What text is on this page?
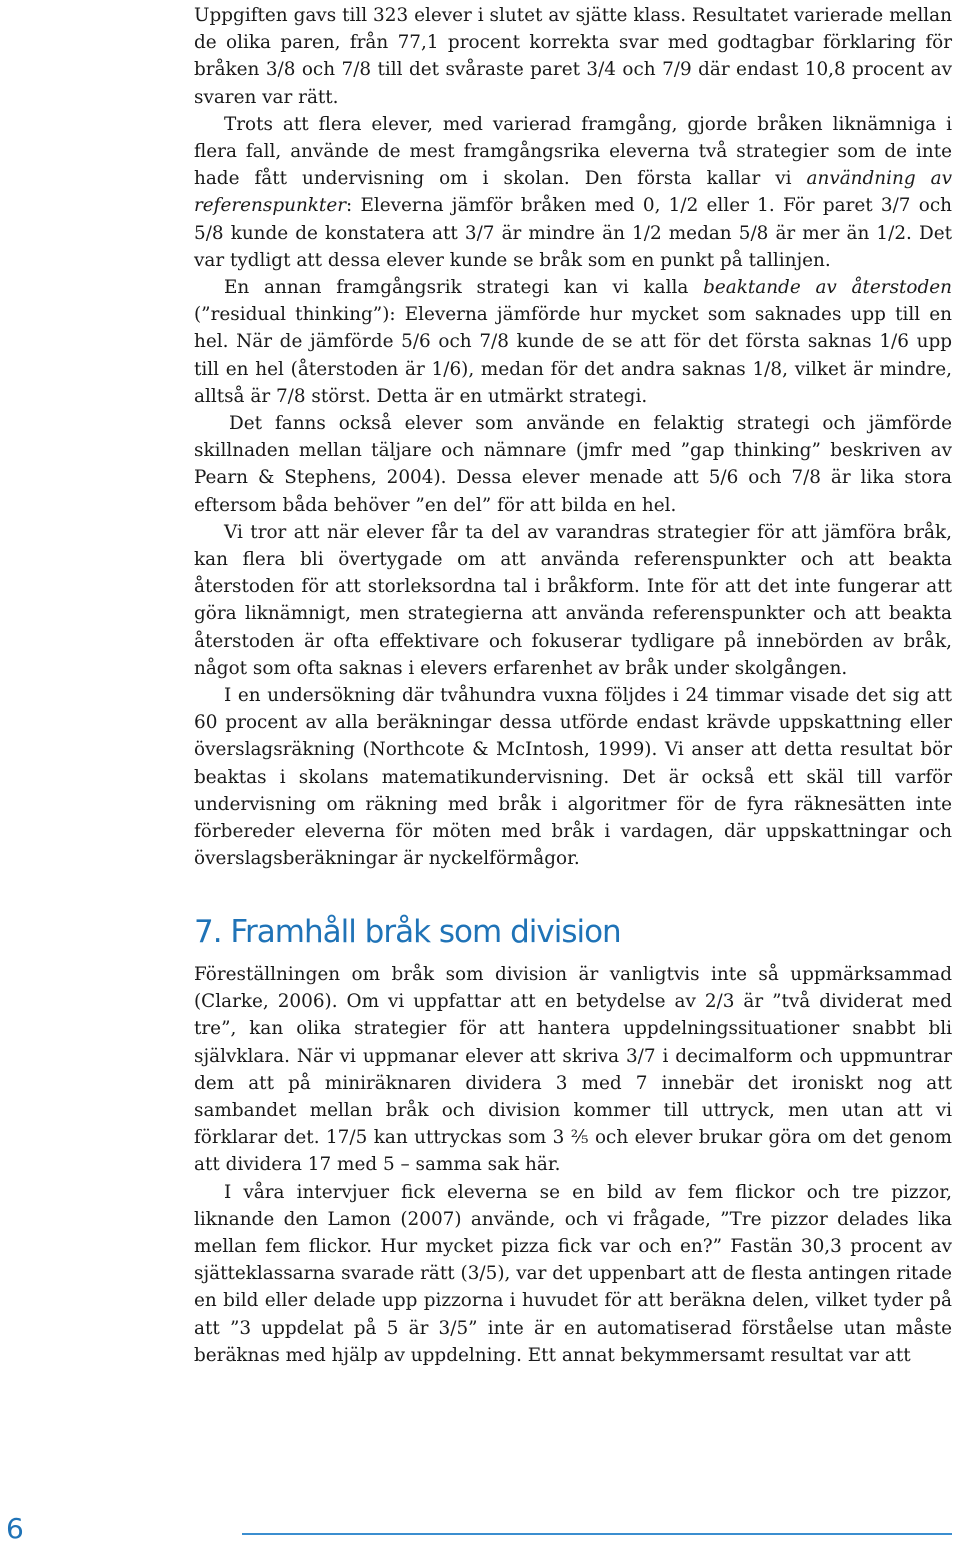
Uppgiften gavs till 323 elever i slutet av sjätte klass. Resultatet varierade mellan de olika paren, från 77,1 procent korrekta svar med godtagbar förklaring för bråken 3/8 och 7/8 till det svåraste paret 3/4 och 7/9 där endast 10,8 procent av svaren var rätt.

Trots att flera elever, med varierad framgång, gjorde bråken liknämniga i flera fall, använde de mest framgångsrika eleverna två strategier som de inte hade fått undervisning om i skolan. Den första kallar vi användning av referenspunkter: Eleverna jämför bråken med 0, 1/2 eller 1. För paret 3/7 och 5/8 kunde de konstatera att 3/7 är mindre än 1/2 medan 5/8 är mer än 1/2. Det var tydligt att dessa elever kunde se bråk som en punkt på tallinjen.

En annan framgångsrik strategi kan vi kalla beaktande av återstoden (”residual thinking”): Eleverna jämförde hur mycket som saknades upp till en hel. När de jämförde 5/6 och 7/8 kunde de se att för det första saknas 1/6 upp till en hel (återstoden är 1/6), medan för det andra saknas 1/8, vilket är mindre, alltså är 7/8 störst. Detta är en utmärkt strategi.

Det fanns också elever som använde en felaktig strategi och jämförde skillnaden mellan täljare och nämnare (jmfr med ”gap thinking” beskriven av Pearn & Stephens, 2004). Dessa elever menade att 5/6 och 7/8 är lika stora eftersom båda behöver ”en del” för att bilda en hel.

Vi tror att när elever får ta del av varandras strategier för att jämföra bråk, kan flera bli övertygade om att använda referenspunkter och att beakta återstoden för att storleksordna tal i bråkform. Inte för att det inte fungerar att göra liknämnigt, men strategierna att använda referenspunkter och att beakta återstoden är ofta effektivare och fokuserar tydligare på innebörden av bråk, något som ofta saknas i elevers erfarenhet av bråk under skolgången.

I en undersökning där tvåhundra vuxna följdes i 24 timmar visade det sig att 60 procent av alla beräkningar dessa utförde endast krävde uppskattning eller överslagsräkning (Northcote & McIntosh, 1999). Vi anser att detta resultat bör beaktas i skolans matematikundervisning. Det är också ett skäl till varför undervisning om räkning med bråk i algoritmer för de fyra räknesätten inte förbereder eleverna för möten med bråk i vardagen, där uppskattningar och överslagsberäkningar är nyckelförmågor.

7. Framhåll bråk som division

Föreställningen om bråk som division är vanligtvis inte så uppmärksammad (Clarke, 2006). Om vi uppfattar att en betydelse av 2/3 är ”två dividerat med tre”, kan olika strategier för att hantera uppdelningssituationer snabbt bli självklara. När vi uppmanar elever att skriva 3/7 i decimalform och uppmuntrar dem att på miniräknaren dividera 3 med 7 innebär det ironiskt nog att sambandet mellan bråk och division kommer till uttryck, men utan att vi förklarar det. 17/5 kan uttryckas som 3 ²⁄₅ och elever brukar göra om det genom att dividera 17 med 5 – samma sak här.

I våra intervjuer fick eleverna se en bild av fem flickor och tre pizzor, liknande den Lamon (2007) använde, och vi frågade, ”Tre pizzor delades lika mellan fem flickor. Hur mycket pizza fick var och en?” Fastän 30,3 procent av sjätteklassarna svarade rätt (3/5), var det uppenbart att de flesta antingen ritade en bild eller delade upp pizzorna i huvudet för att beräkna delen, vilket tyder på att ”3 uppdelat på 5 är 3/5” inte är en automatiserad förståelse utan måste beräknas med hjälp av uppdelning. Ett annat bekymmersamt resultat var att

6
